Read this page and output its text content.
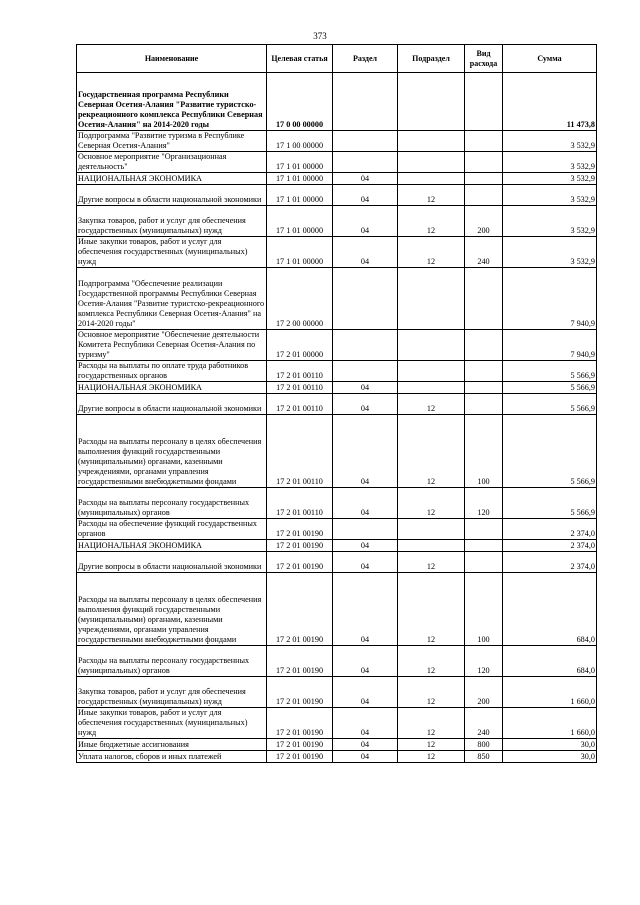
373
Наименование	Целевая статья	Раздел	Подраздел	Вид расхода	Сумма
Государственная программа Республики Северная Осетия-Алания "Развитие туристско-рекреационного комплекса Республики Северная Осетия-Алания" на 2014-2020 годы	17 0 00 00000				11 473,8
Подпрограмма "Развитие туризма в Республике Северная Осетия-Алания"	17 1 00 00000				3 532,9
Основное мероприятие "Организационная деятельность"	17 1 01 00000				3 532,9
НАЦИОНАЛЬНАЯ ЭКОНОМИКА	17 1 01 00000	04			3 532,9
Другие вопросы в области национальной экономики	17 1 01 00000	04	12		3 532,9
Закупка товаров, работ и услуг для обеспечения государственных (муниципальных) нужд	17 1 01 00000	04	12	200	3 532,9
Иные закупки товаров, работ и услуг для обеспечения государственных (муниципальных) нужд	17 1 01 00000	04	12	240	3 532,9
Подпрограмма "Обеспечение реализации Государственной программы Республики Северная Осетия-Алания "Развитие туристско-рекреационного комплекса Республики Северная Осетия-Алания" на 2014-2020 годы"	17 2 00 00000				7 940,9
Основное мероприятие "Обеспечение деятельности Комитета Республики Северная Осетия-Алания по туризму"	17 2 01 00000				7 940,9
Расходы на выплаты по оплате труда работников государственных органов	17 2 01 00110				5 566,9
НАЦИОНАЛЬНАЯ ЭКОНОМИКА	17 2 01 00110	04			5 566,9
Другие вопросы в области национальной экономики	17 2 01 00110	04	12		5 566,9
Расходы на выплаты персоналу в целях обеспечения выполнения функций государственными (муниципальными) органами, казенными учреждениями, органами управления государственными внебюджетными фондами	17 2 01 00110	04	12	100	5 566,9
Расходы на выплаты персоналу государственных (муниципальных) органов	17 2 01 00110	04	12	120	5 566,9
Расходы на обеспечение функций государственных органов	17 2 01 00190				2 374,0
НАЦИОНАЛЬНАЯ ЭКОНОМИКА	17 2 01 00190	04			2 374,0
Другие вопросы в области национальной экономики	17 2 01 00190	04	12		2 374,0
Расходы на выплаты персоналу в целях обеспечения выполнения функций государственными (муниципальными) органами, казенными учреждениями, органами управления государственными внебюджетными фондами	17 2 01 00190	04	12	100	684,0
Расходы на выплаты персоналу государственных (муниципальных) органов	17 2 01 00190	04	12	120	684,0
Закупка товаров, работ и услуг для обеспечения государственных (муниципальных) нужд	17 2 01 00190	04	12	200	1 660,0
Иные закупки товаров, работ и услуг для обеспечения государственных (муниципальных) нужд	17 2 01 00190	04	12	240	1 660,0
Иные бюджетные ассигнования	17 2 01 00190	04	12	800	30,0
Уплата налогов, сборов и иных платежей	17 2 01 00190	04	12	850	30,0
